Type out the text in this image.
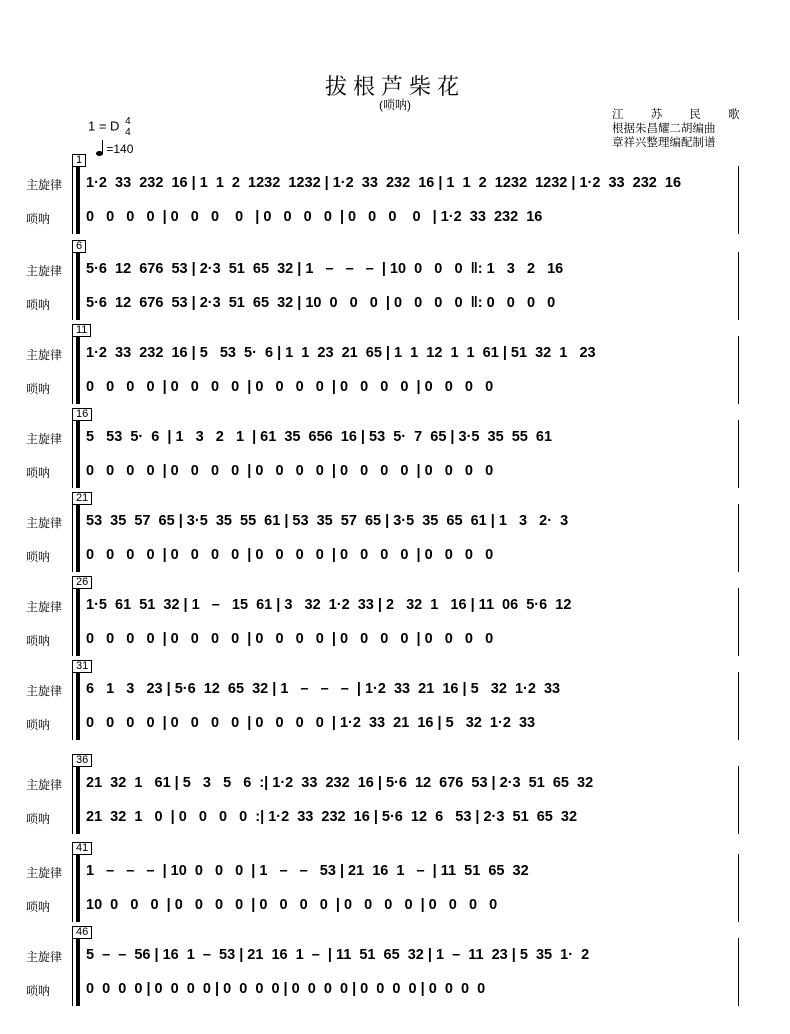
拔根芦柴花
(唢呐)
江 苏 民 歌
根据朱昌耀二胡编曲
章祥兴整理编配制谱
1 = D 4
4
=140
1
主旋律
唢呐
1·2  33  232  16 | 1  1  2  1232  1232 | 1·2  33  232  16 | 1  1  2  1232  1232 | 1·2  33  232  16
0   0   0   0  | 0   0   0    0   | 0   0   0   0  | 0   0   0    0   | 1·2  33  232  16
6
主旋律
唢呐
5·6  12  676  53 | 2·3  51  65  32 | 1   –   –   –  | 10  0   0   0  ‖: 1   3   2   16
5·6  12  676  53 | 2·3  51  65  32 | 10  0   0   0  | 0   0   0   0  ‖: 0   0   0   0
11
主旋律
唢呐
1·2  33  232  16 | 5   53  5·  6 | 1  1  23  21  65 | 1  1  12  1  1  61 | 51  32  1   23
0   0   0   0  | 0   0   0   0  | 0   0   0   0  | 0   0   0   0  | 0   0   0   0
16
主旋律
唢呐
5   53  5·  6  | 1   3   2   1  | 61  35  656  16 | 53  5·  7  65 | 3·5  35  55  61
0   0   0   0  | 0   0   0   0  | 0   0   0   0  | 0   0   0   0  | 0   0   0   0
21
主旋律
唢呐
53  35  57  65 | 3·5  35  55  61 | 53  35  57  65 | 3·5  35  65  61 | 1   3   2·  3
0   0   0   0  | 0   0   0   0  | 0   0   0   0  | 0   0   0   0  | 0   0   0   0
26
主旋律
唢呐
1·5  61  51  32 | 1   –   15  61 | 3   32  1·2  33 | 2   32  1   16 | 11  06  5·6  12
0   0   0   0  | 0   0   0   0  | 0   0   0   0  | 0   0   0   0  | 0   0   0   0
31
主旋律
唢呐
6   1   3   23 | 5·6  12  65  32 | 1   –   –   –  | 1·2  33  21  16 | 5   32  1·2  33
0   0   0   0  | 0   0   0   0  | 0   0   0   0  | 1·2  33  21  16 | 5   32  1·2  33
36
主旋律
唢呐
21  32  1   61 | 5   3   5   6  :| 1·2  33  232  16 | 5·6  12  676  53 | 2·3  51  65  32
21  32  1   0  | 0   0   0   0  :| 1·2  33  232  16 | 5·6  12  6   53 | 2·3  51  65  32
41
主旋律
唢呐
1   –   –   –  | 10  0   0   0  | 1   –   –   53 | 21  16  1   –  | 11  51  65  32
10  0   0   0  | 0   0   0   0  | 0   0   0   0  | 0   0   0   0  | 0   0   0   0
46
主旋律
唢呐
5  –  –  56 | 16  1  –  53 | 21  16  1  –  | 11  51  65  32 | 1  –  11  23 | 5  35  1·  2
0  0  0  0 | 0  0  0  0 | 0  0  0  0 | 0  0  0  0 | 0  0  0  0 | 0  0  0  0
